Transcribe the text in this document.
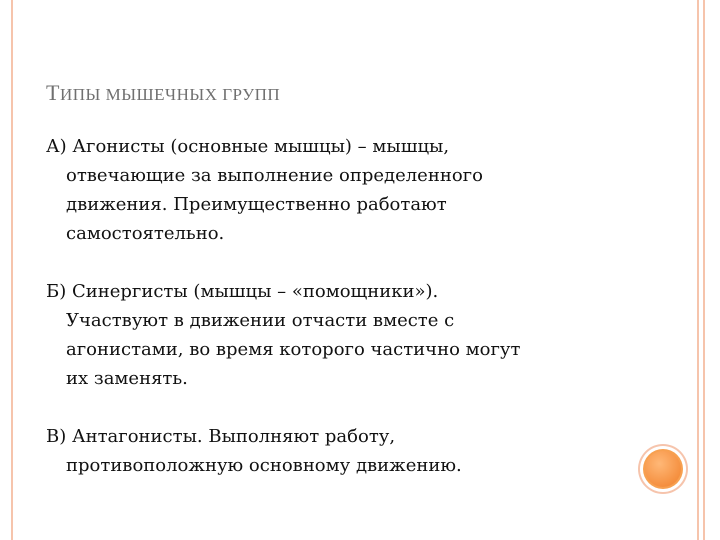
ТИПЫ МЫШЕЧНЫХ ГРУПП

А) Агонисты (основные мышцы) – мышцы,
отвечающие за выполнение определенного
движения. Преимущественно работают
самостоятельно.

Б) Синергисты (мышцы – «помощники»).
Участвуют в движении отчасти вместе с
агонистами, во время которого частично могут
их заменять.

В) Антагонисты. Выполняют работу,
противоположную основному движению.
